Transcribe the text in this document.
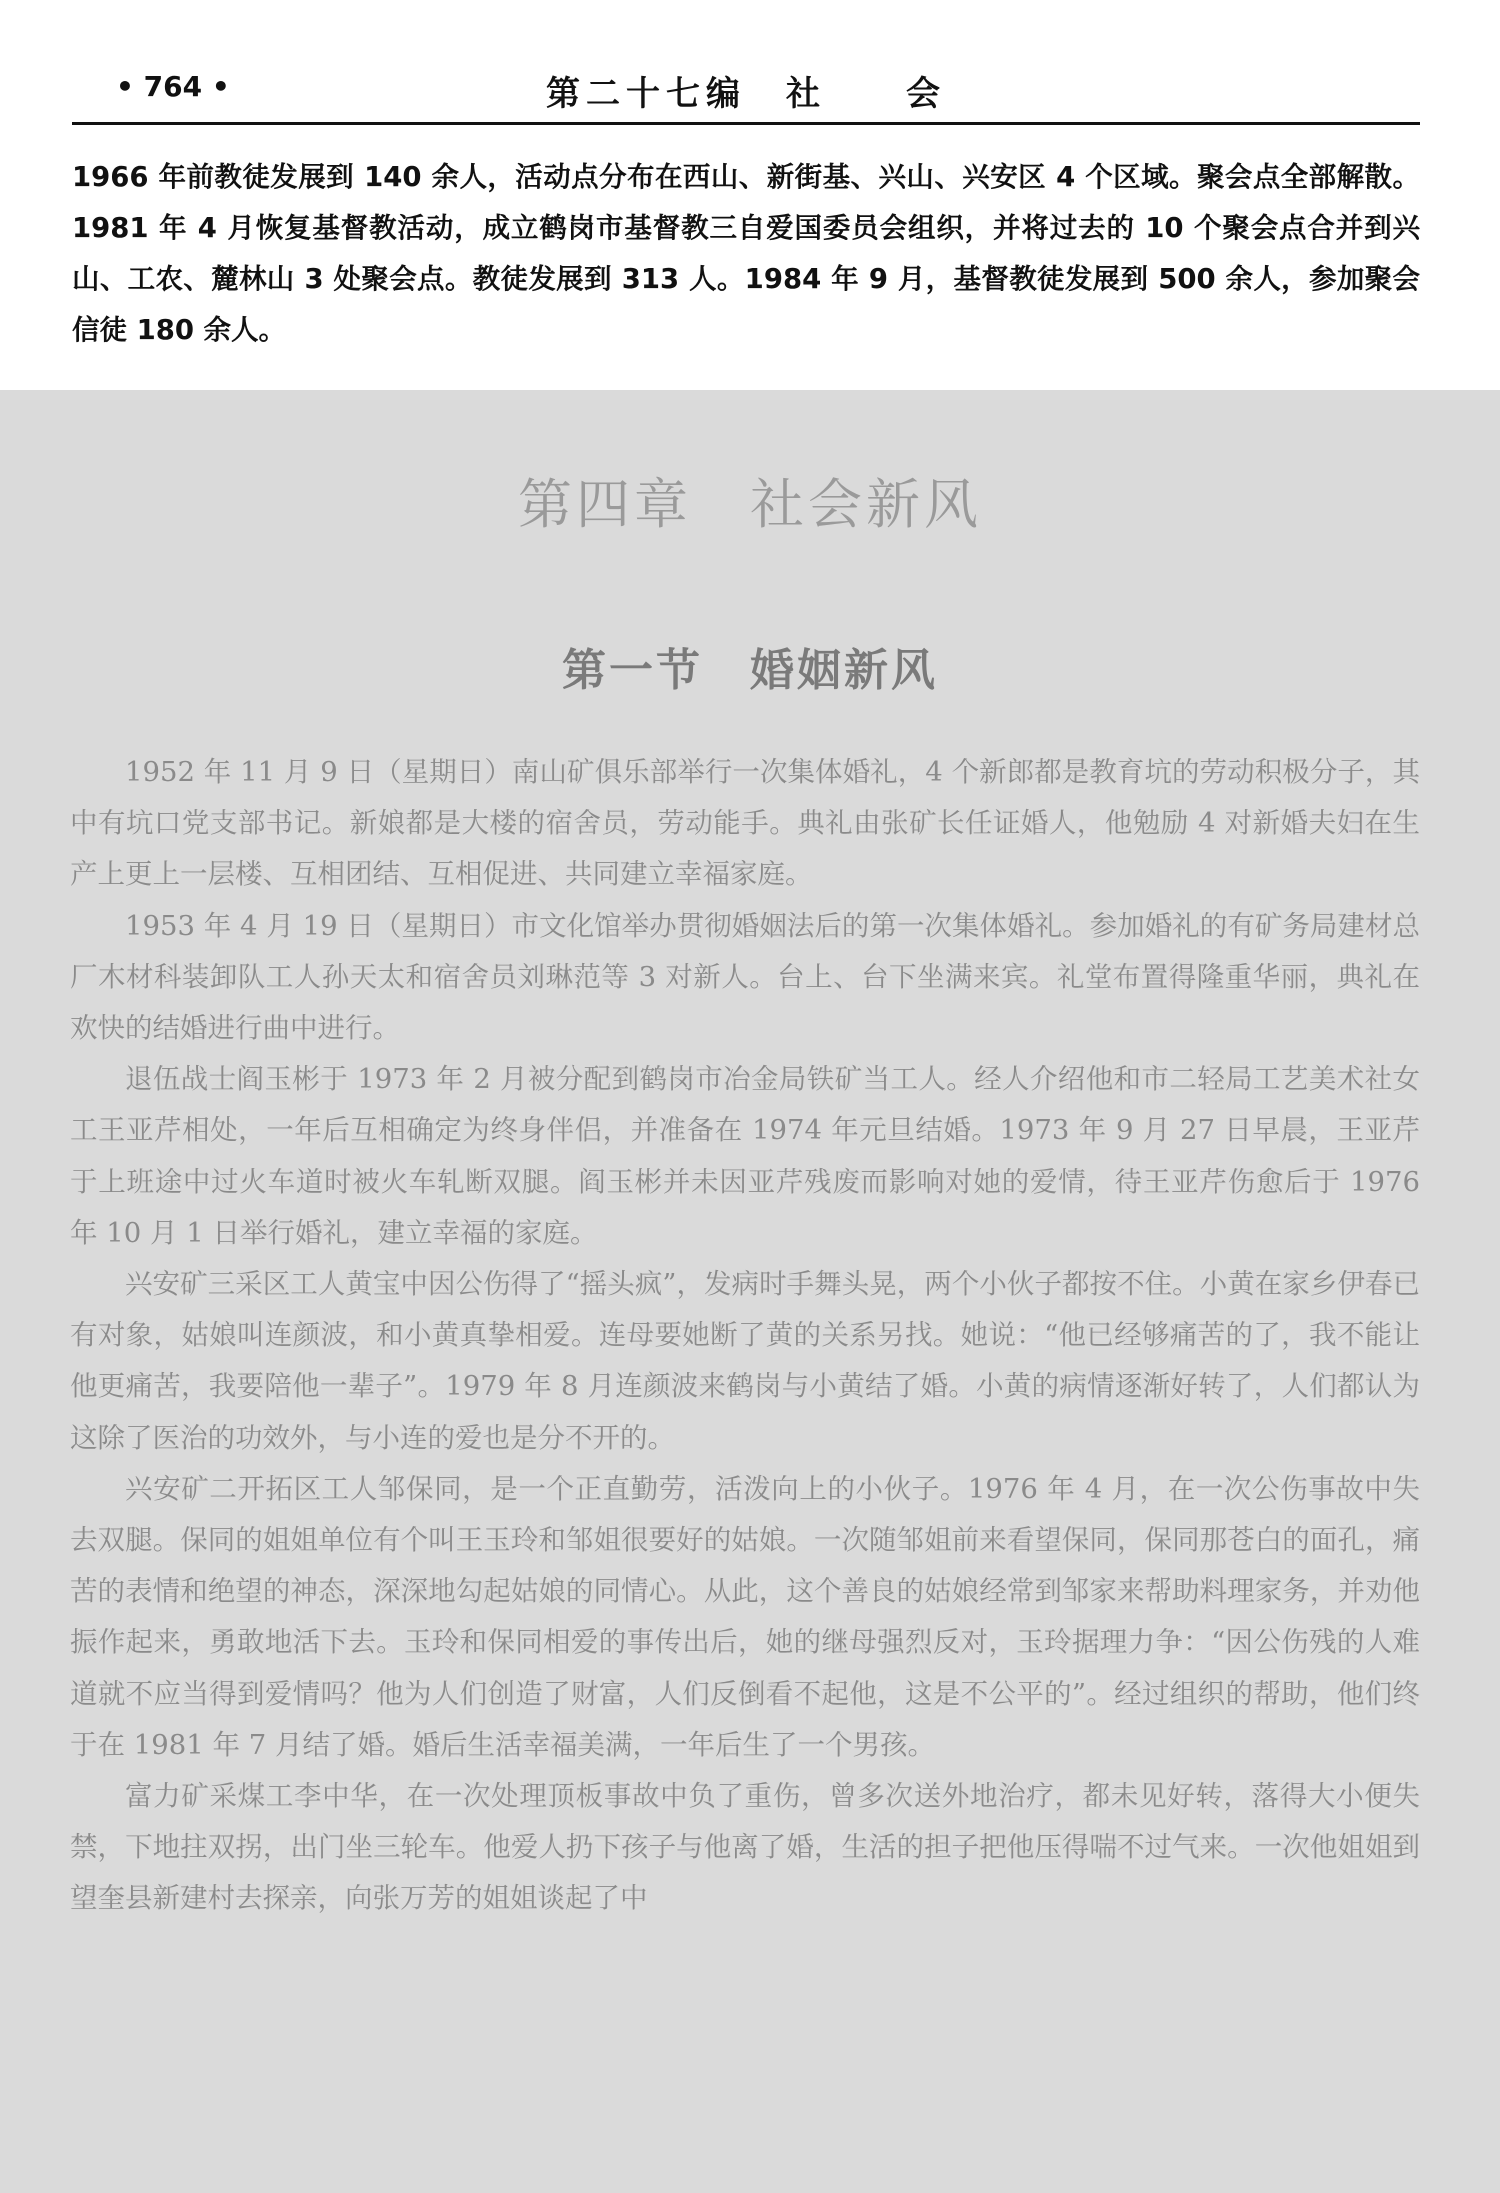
• 764 •	第二十七编　社　　会

1966 年前教徒发展到 140 余人，活动点分布在西山、新街基、兴山、兴安区 4 个区域。聚会点全部解散。1981 年 4 月恢复基督教活动，成立鹤岗市基督教三自爱国委员会组织，并将过去的 10 个聚会点合并到兴山、工农、麓林山 3 处聚会点。教徒发展到 313 人。1984 年 9 月，基督教徒发展到 500 余人，参加聚会信徒 180 余人。

第四章　社会新风
第一节　婚姻新风

1952 年 11 月 9 日（星期日）南山矿俱乐部举行一次集体婚礼，4 个新郎都是教育坑的劳动积极分子，其中有坑口党支部书记。新娘都是大楼的宿舍员，劳动能手。典礼由张矿长任证婚人，他勉励 4 对新婚夫妇在生产上更上一层楼、互相团结、互相促进、共同建立幸福家庭。

1953 年 4 月 19 日（星期日）市文化馆举办贯彻婚姻法后的第一次集体婚礼。参加婚礼的有矿务局建材总厂木材科装卸队工人孙天太和宿舍员刘琳范等 3 对新人。台上、台下坐满来宾。礼堂布置得隆重华丽，典礼在欢快的结婚进行曲中进行。

退伍战士阎玉彬于 1973 年 2 月被分配到鹤岗市冶金局铁矿当工人。经人介绍他和市二轻局工艺美术社女工王亚芹相处，一年后互相确定为终身伴侣，并准备在 1974 年元旦结婚。1973 年 9 月 27 日早晨，王亚芹于上班途中过火车道时被火车轧断双腿。阎玉彬并未因亚芹残废而影响对她的爱情，待王亚芹伤愈后于 1976 年 10 月 1 日举行婚礼，建立幸福的家庭。

兴安矿三采区工人黄宝中因公伤得了“摇头疯”，发病时手舞头晃，两个小伙子都按不住。小黄在家乡伊春已有对象，姑娘叫连颜波，和小黄真挚相爱。连母要她断了黄的关系另找。她说：“他已经够痛苦的了，我不能让他更痛苦，我要陪他一辈子”。1979 年 8 月连颜波来鹤岗与小黄结了婚。小黄的病情逐渐好转了，人们都认为这除了医治的功效外，与小连的爱也是分不开的。

兴安矿二开拓区工人邹保同，是一个正直勤劳，活泼向上的小伙子。1976 年 4 月，在一次公伤事故中失去双腿。保同的姐姐单位有个叫王玉玲和邹姐很要好的姑娘。一次随邹姐前来看望保同，保同那苍白的面孔，痛苦的表情和绝望的神态，深深地勾起姑娘的同情心。从此，这个善良的姑娘经常到邹家来帮助料理家务，并劝他振作起来，勇敢地活下去。玉玲和保同相爱的事传出后，她的继母强烈反对，玉玲据理力争：“因公伤残的人难道就不应当得到爱情吗？他为人们创造了财富，人们反倒看不起他，这是不公平的”。经过组织的帮助，他们终于在 1981 年 7 月结了婚。婚后生活幸福美满，一年后生了一个男孩。

富力矿采煤工李中华，在一次处理顶板事故中负了重伤，曾多次送外地治疗，都未见好转，落得大小便失禁，下地拄双拐，出门坐三轮车。他爱人扔下孩子与他离了婚，生活的担子把他压得喘不过气来。一次他姐姐到望奎县新建村去探亲，向张万芳的姐姐谈起了中
